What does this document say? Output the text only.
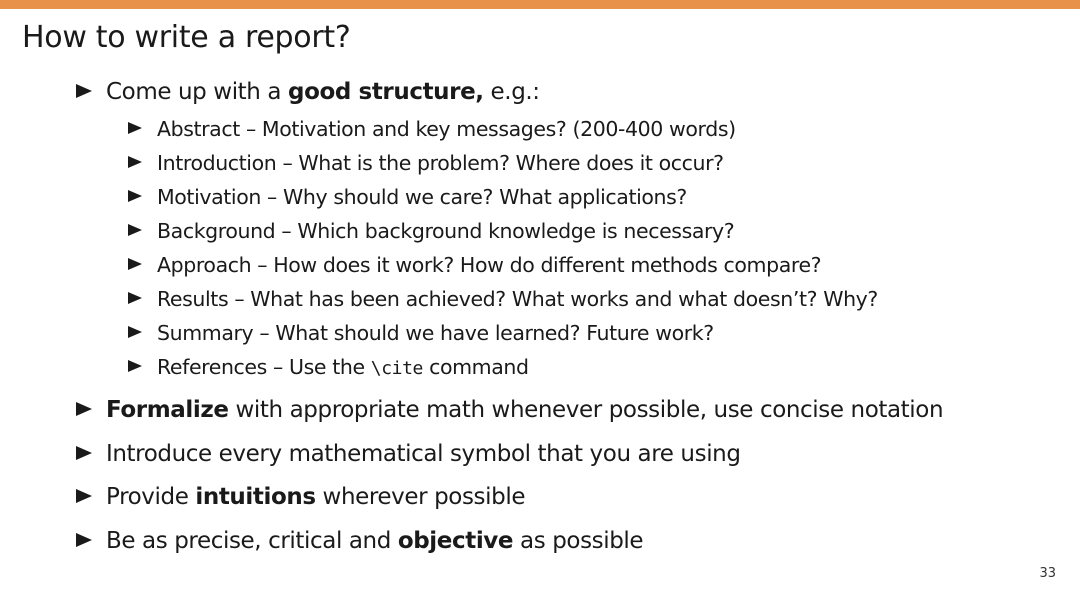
How to write a report?
Come up with a good structure, e.g.:
Abstract – Motivation and key messages? (200-400 words)
Introduction – What is the problem? Where does it occur?
Motivation – Why should we care? What applications?
Background – Which background knowledge is necessary?
Approach – How does it work? How do different methods compare?
Results – What has been achieved? What works and what doesn’t? Why?
Summary – What should we have learned? Future work?
References – Use the \cite command
Formalize with appropriate math whenever possible, use concise notation
Introduce every mathematical symbol that you are using
Provide intuitions wherever possible
Be as precise, critical and objective as possible
33
